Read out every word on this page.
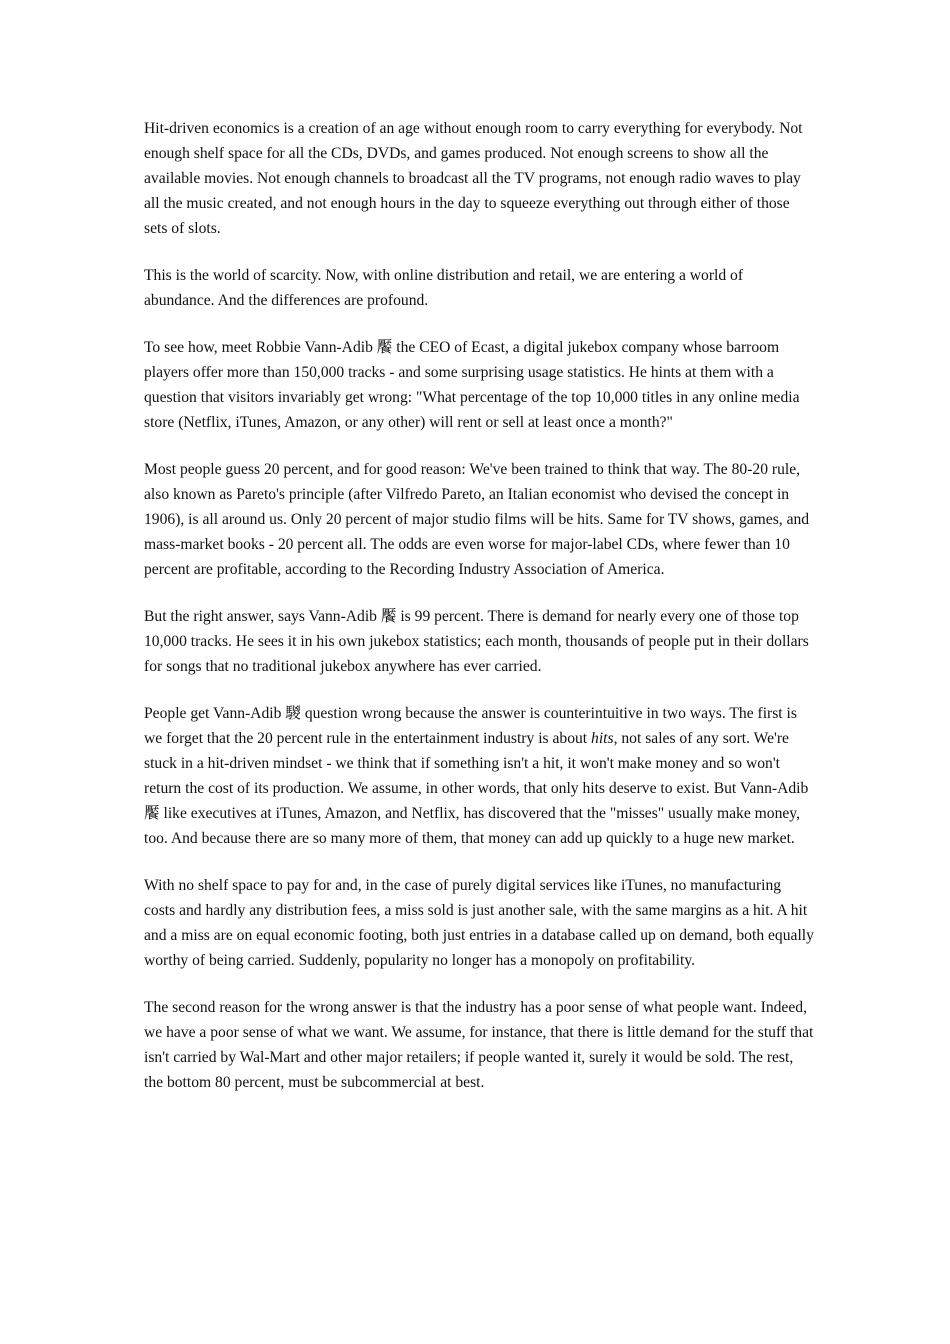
Hit-driven economics is a creation of an age without enough room to carry everything for everybody. Not enough shelf space for all the CDs, DVDs, and games produced. Not enough screens to show all the available movies. Not enough channels to broadcast all the TV programs, not enough radio waves to play all the music created, and not enough hours in the day to squeeze everything out through either of those sets of slots.

This is the world of scarcity. Now, with online distribution and retail, we are entering a world of abundance. And the differences are profound.

To see how, meet Robbie Vann-Adib 饜 the CEO of Ecast, a digital jukebox company whose barroom players offer more than 150,000 tracks - and some surprising usage statistics. He hints at them with a question that visitors invariably get wrong: "What percentage of the top 10,000 titles in any online media store (Netflix, iTunes, Amazon, or any other) will rent or sell at least once a month?"

Most people guess 20 percent, and for good reason: We've been trained to think that way. The 80-20 rule, also known as Pareto's principle (after Vilfredo Pareto, an Italian economist who devised the concept in 1906), is all around us. Only 20 percent of major studio films will be hits. Same for TV shows, games, and mass-market books - 20 percent all. The odds are even worse for major-label CDs, where fewer than 10 percent are profitable, according to the Recording Industry Association of America.

But the right answer, says Vann-Adib 饜 is 99 percent. There is demand for nearly every one of those top 10,000 tracks. He sees it in his own jukebox statistics; each month, thousands of people put in their dollars for songs that no traditional jukebox anywhere has ever carried.

People get Vann-Adib 騣 question wrong because the answer is counterintuitive in two ways. The first is we forget that the 20 percent rule in the entertainment industry is about hits, not sales of any sort. We're stuck in a hit-driven mindset - we think that if something isn't a hit, it won't make money and so won't return the cost of its production. We assume, in other words, that only hits deserve to exist. But Vann-Adib 饜 like executives at iTunes, Amazon, and Netflix, has discovered that the "misses" usually make money, too. And because there are so many more of them, that money can add up quickly to a huge new market.

With no shelf space to pay for and, in the case of purely digital services like iTunes, no manufacturing costs and hardly any distribution fees, a miss sold is just another sale, with the same margins as a hit. A hit and a miss are on equal economic footing, both just entries in a database called up on demand, both equally worthy of being carried. Suddenly, popularity no longer has a monopoly on profitability.

The second reason for the wrong answer is that the industry has a poor sense of what people want. Indeed, we have a poor sense of what we want. We assume, for instance, that there is little demand for the stuff that isn't carried by Wal-Mart and other major retailers; if people wanted it, surely it would be sold. The rest, the bottom 80 percent, must be subcommercial at best.
